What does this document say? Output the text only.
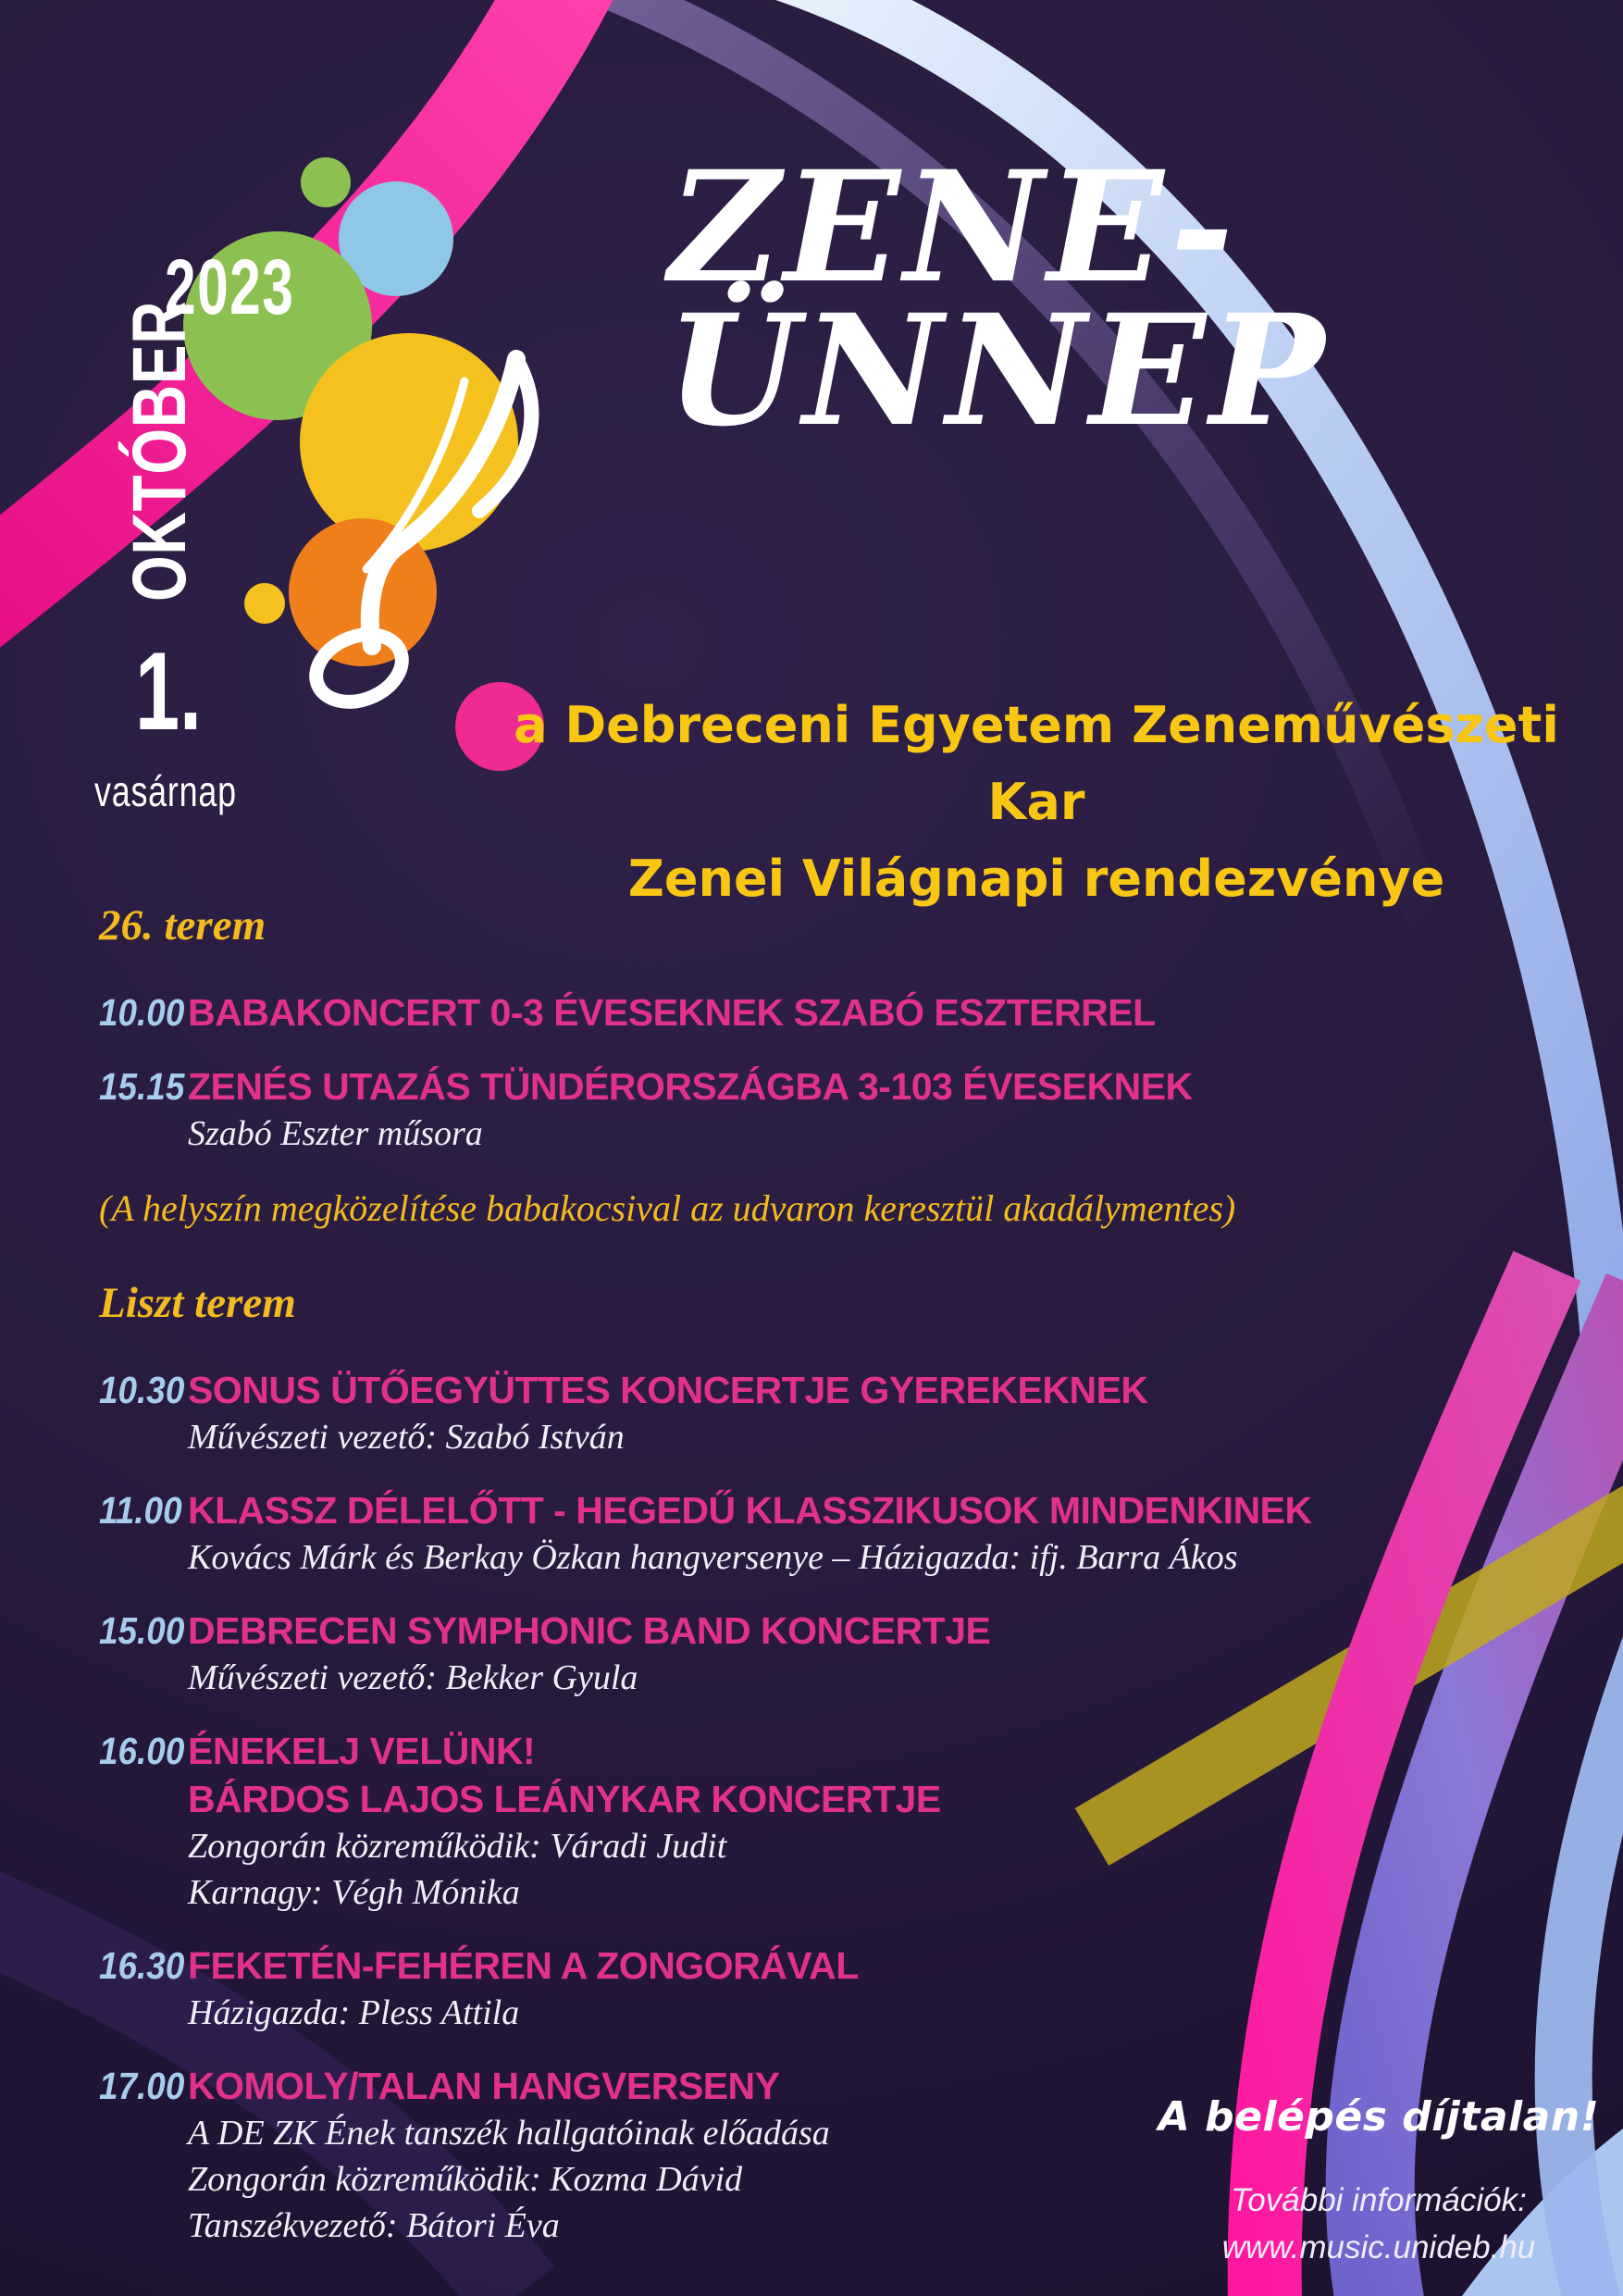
2023
OKTÓBER
1.
vasárnap
ZENE-
ÜNNEP
a Debreceni Egyetem Zeneművészeti Kar
Zenei Világnapi rendezvénye
26. terem
10.00 BABAKONCERT 0-3 ÉVESEKNEK SZABÓ ESZTERREL
15.15 ZENÉS UTAZÁS TÜNDÉRORSZÁGBA 3-103 ÉVESEKNEK
Szabó Eszter műsora
(A helyszín megközelítése babakocsival az udvaron keresztül akadálymentes)
Liszt terem
10.30 SONUS ÜTŐEGYÜTTES KONCERTJE GYEREKEKNEK
Művészeti vezető: Szabó István
11.00 KLASSZ DÉLELŐTT - HEGEDŰ KLASSZIKUSOK MINDENKINEK
Kovács Márk és Berkay Özkan hangversenye – Házigazda: ifj. Barra Ákos
15.00 DEBRECEN SYMPHONIC BAND KONCERTJE
Művészeti vezető: Bekker Gyula
16.00 ÉNEKELJ VELÜNK!
BÁRDOS LAJOS LEÁNYKAR KONCERTJE
Zongorán közreműködik: Váradi Judit
Karnagy: Végh Mónika
16.30 FEKETÉN-FEHÉREN A ZONGORÁVAL
Házigazda: Pless Attila
17.00 KOMOLY/TALAN HANGVERSENY
A DE ZK Ének tanszék hallgatóinak előadása
Zongorán közreműködik: Kozma Dávid
Tanszékvezető: Bátori Éva
A belépés díjtalan!
További információk:
www.music.unideb.hu
